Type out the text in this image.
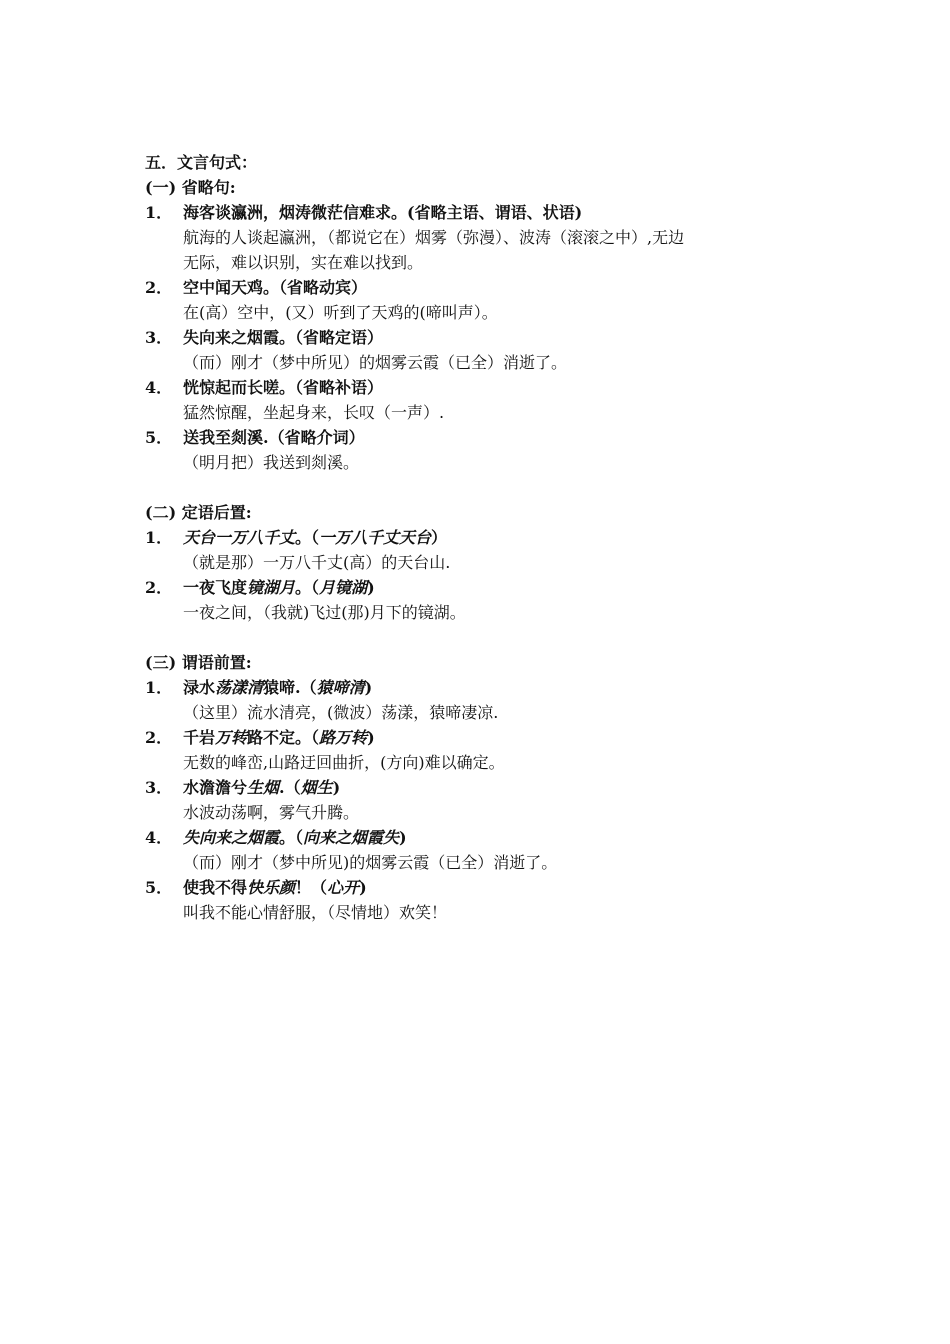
五．文言句式：
(一) 省略句:
1． 海客谈瀛洲，烟涛微茫信难求。(省略主语、谓语、状语)
航海的人谈起瀛洲，（都说它在）烟雾（弥漫）、波涛（滚滚之中）,无边
无际，难以识别，实在难以找到。
2． 空中闻天鸡。（省略动宾）
在(高）空中，(又）听到了天鸡的(啼叫声）。
3． 失向来之烟霞。（省略定语）
（而）刚才（梦中所见）的烟雾云霞（已全）消逝了。
4． 恍惊起而长嗟。（省略补语）
猛然惊醒，坐起身来，长叹（一声）.
5． 送我至剡溪.（省略介词）
（明月把）我送到剡溪。
(二) 定语后置:
1． 天台一万八千丈。（一万八千丈天台）
（就是那）一万八千丈(高）的天台山.
2． 一夜飞度镜湖月。（月镜湖)
一夜之间，（我就)飞过(那)月下的镜湖。
(三) 谓语前置:
1． 渌水荡漾清猿啼.（猿啼清)
（这里）流水清亮，(微波）荡漾，猿啼凄凉.
2． 千岩万转路不定。（路万转)
无数的峰峦,山路迂回曲折，(方向)难以确定。
3． 水澹澹兮生烟.（烟生)
水波动荡啊，雾气升腾。
4． 失向来之烟霞。（向来之烟霞失)
（而）刚才（梦中所见)的烟雾云霞（已全）消逝了。
5． 使我不得快乐颜！（心开)
叫我不能心情舒服，（尽情地）欢笑！
